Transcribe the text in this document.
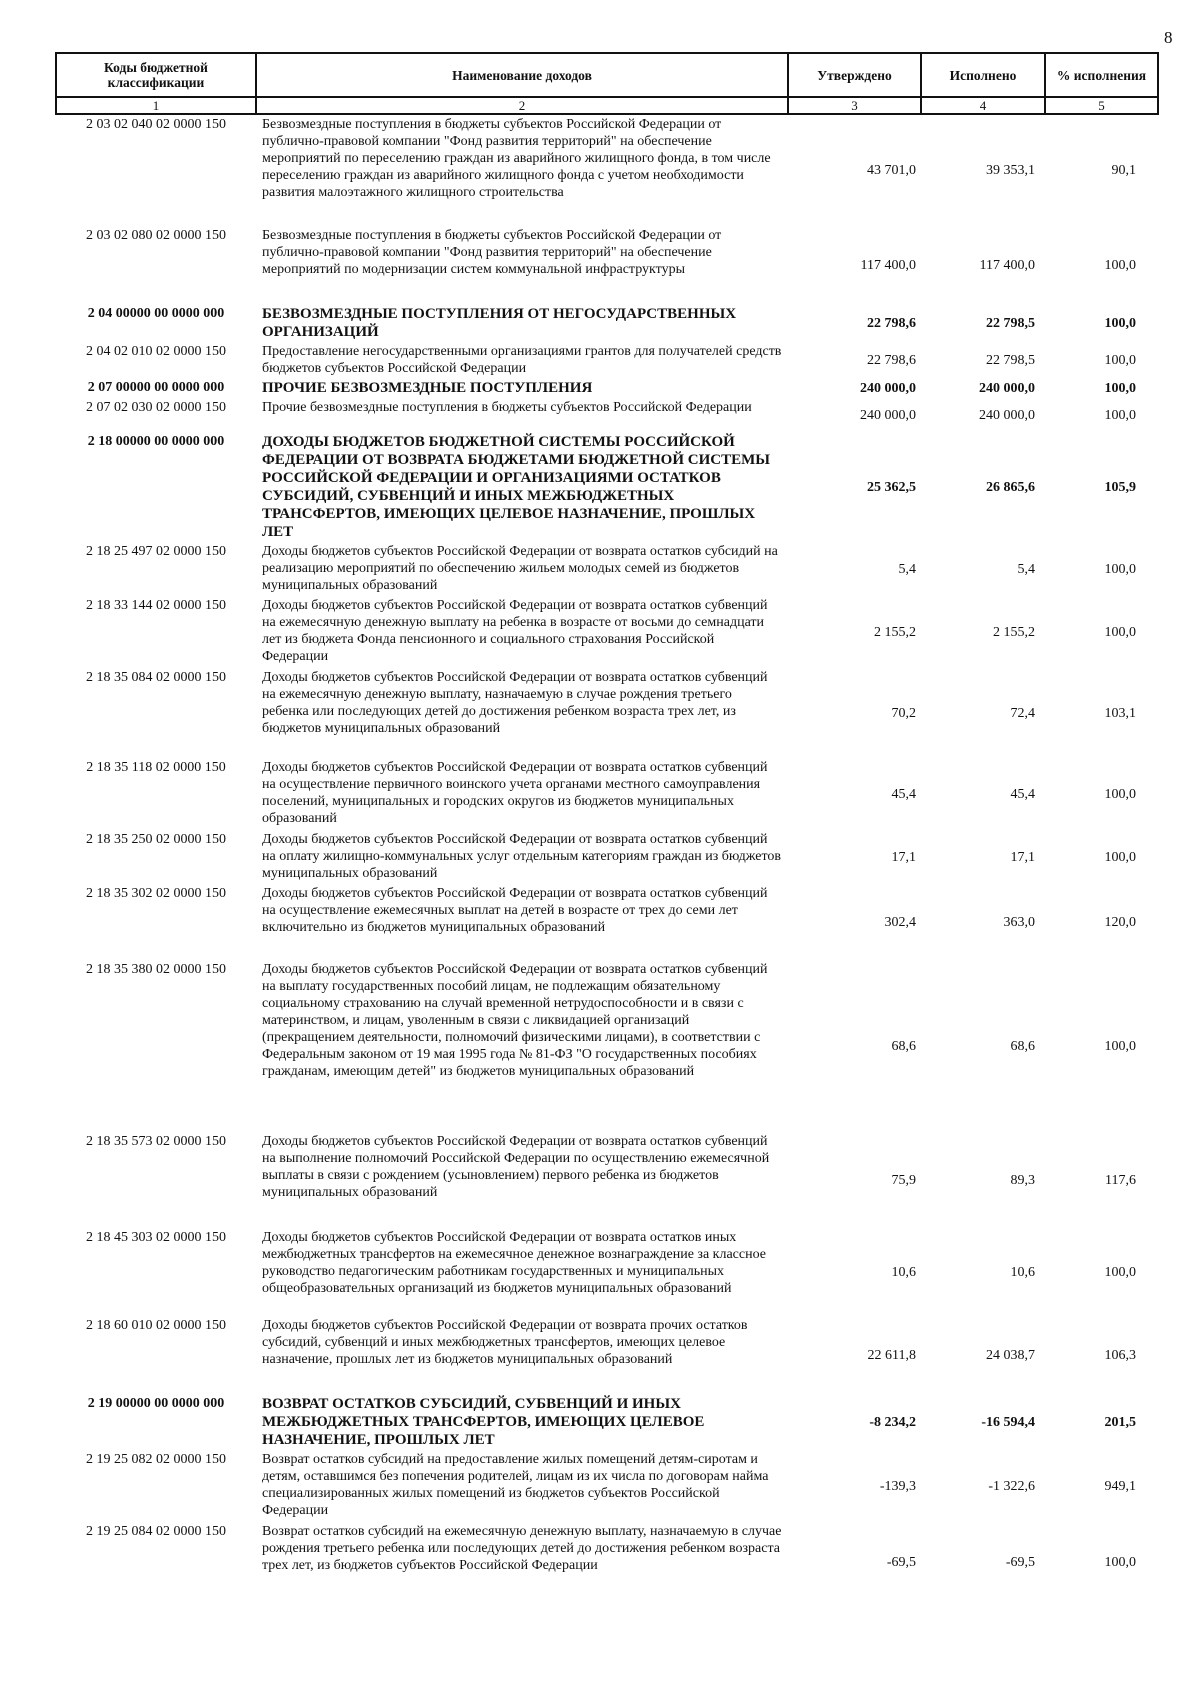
8
Коды бюджетной классификации	Наименование доходов	Утверждено	Исполнено	% исполнения
1	2	3	4	5
2 03 02 040 02 0000 150	Безвозмездные поступления в бюджеты субъектов Российской Федерации от публично-правовой компании "Фонд развития территорий" на обеспечение мероприятий по переселению граждан из аварийного жилищного фонда, в том числе переселению граждан из аварийного жилищного фонда с учетом необходимости развития малоэтажного жилищного строительства	43 701,0	39 353,1	90,1
2 03 02 080 02 0000 150	Безвозмездные поступления в бюджеты субъектов Российской Федерации от публично-правовой компании "Фонд развития территорий" на обеспечение мероприятий по модернизации систем коммунальной инфраструктуры	117 400,0	117 400,0	100,0
2 04 00000 00 0000 000	БЕЗВОЗМЕЗДНЫЕ ПОСТУПЛЕНИЯ ОТ НЕГОСУДАРСТВЕННЫХ ОРГАНИЗАЦИЙ	22 798,6	22 798,5	100,0
2 04 02 010 02 0000 150	Предоставление негосударственными организациями грантов для получателей средств бюджетов субъектов Российской Федерации	22 798,6	22 798,5	100,0
2 07 00000 00 0000 000	ПРОЧИЕ БЕЗВОЗМЕЗДНЫЕ ПОСТУПЛЕНИЯ	240 000,0	240 000,0	100,0
2 07 02 030 02 0000 150	Прочие безвозмездные поступления в бюджеты субъектов Российской Федерации	240 000,0	240 000,0	100,0
2 18 00000 00 0000 000	ДОХОДЫ БЮДЖЕТОВ БЮДЖЕТНОЙ СИСТЕМЫ РОССИЙСКОЙ ФЕДЕРАЦИИ ОТ ВОЗВРАТА БЮДЖЕТАМИ БЮДЖЕТНОЙ СИСТЕМЫ РОССИЙСКОЙ ФЕДЕРАЦИИ И ОРГАНИЗАЦИЯМИ ОСТАТКОВ СУБСИДИЙ, СУБВЕНЦИЙ И ИНЫХ МЕЖБЮДЖЕТНЫХ ТРАНСФЕРТОВ, ИМЕЮЩИХ ЦЕЛЕВОЕ НАЗНАЧЕНИЕ, ПРОШЛЫХ ЛЕТ	25 362,5	26 865,6	105,9
2 18 25 497 02 0000 150	Доходы бюджетов субъектов Российской Федерации от возврата остатков субсидий на реализацию мероприятий по обеспечению жильем молодых семей из бюджетов муниципальных образований	5,4	5,4	100,0
2 18 33 144 02 0000 150	Доходы бюджетов субъектов Российской Федерации от возврата остатков субвенций на ежемесячную денежную выплату на ребенка в возрасте от восьми до семнадцати лет из бюджета Фонда пенсионного и социального страхования Российской Федерации	2 155,2	2 155,2	100,0
2 18 35 084 02 0000 150	Доходы бюджетов субъектов Российской Федерации от возврата остатков субвенций на ежемесячную денежную выплату, назначаемую в случае рождения третьего ребенка или последующих детей до достижения ребенком возраста трех лет, из бюджетов муниципальных образований	70,2	72,4	103,1
2 18 35 118 02 0000 150	Доходы бюджетов субъектов Российской Федерации от возврата остатков субвенций на осуществление первичного воинского учета органами местного самоуправления поселений, муниципальных и городских округов из бюджетов муниципальных образований	45,4	45,4	100,0
2 18 35 250 02 0000 150	Доходы бюджетов субъектов Российской Федерации от возврата остатков субвенций на оплату жилищно-коммунальных услуг отдельным категориям граждан из бюджетов муниципальных образований	17,1	17,1	100,0
2 18 35 302 02 0000 150	Доходы бюджетов субъектов Российской Федерации от возврата остатков субвенций на осуществление ежемесячных выплат на детей в возрасте от трех до семи лет включительно из бюджетов муниципальных образований	302,4	363,0	120,0
2 18 35 380 02 0000 150	Доходы бюджетов субъектов Российской Федерации от возврата остатков субвенций на выплату государственных пособий лицам, не подлежащим обязательному социальному страхованию на случай временной нетрудоспособности и в связи с материнством, и лицам, уволенным в связи с ликвидацией организаций (прекращением деятельности, полномочий физическими лицами), в соответствии с Федеральным законом от 19 мая 1995 года № 81-ФЗ "О государственных пособиях гражданам, имеющим детей" из бюджетов муниципальных образований	68,6	68,6	100,0
2 18 35 573 02 0000 150	Доходы бюджетов субъектов Российской Федерации от возврата остатков субвенций на выполнение полномочий Российской Федерации по осуществлению ежемесячной выплаты в связи с рождением (усыновлением) первого ребенка из бюджетов муниципальных образований	75,9	89,3	117,6
2 18 45 303 02 0000 150	Доходы бюджетов субъектов Российской Федерации от возврата остатков иных межбюджетных трансфертов на ежемесячное денежное вознаграждение за классное руководство педагогическим работникам государственных и муниципальных общеобразовательных организаций из бюджетов муниципальных образований	10,6	10,6	100,0
2 18 60 010 02 0000 150	Доходы бюджетов субъектов Российской Федерации от возврата прочих остатков субсидий, субвенций и иных межбюджетных трансфертов, имеющих целевое назначение, прошлых лет из бюджетов муниципальных образований	22 611,8	24 038,7	106,3
2 19 00000 00 0000 000	ВОЗВРАТ ОСТАТКОВ СУБСИДИЙ, СУБВЕНЦИЙ И ИНЫХ МЕЖБЮДЖЕТНЫХ ТРАНСФЕРТОВ, ИМЕЮЩИХ ЦЕЛЕВОЕ НАЗНАЧЕНИЕ, ПРОШЛЫХ ЛЕТ	-8 234,2	-16 594,4	201,5
2 19 25 082 02 0000 150	Возврат остатков субсидий на предоставление жилых помещений детям-сиротам и детям, оставшимся без попечения родителей, лицам из их числа по договорам найма специализированных жилых помещений из бюджетов субъектов Российской Федерации	-139,3	-1 322,6	949,1
2 19 25 084 02 0000 150	Возврат остатков субсидий на ежемесячную денежную выплату, назначаемую в случае рождения третьего ребенка или последующих детей до достижения ребенком возраста трех лет, из бюджетов субъектов Российской Федерации	-69,5	-69,5	100,0
